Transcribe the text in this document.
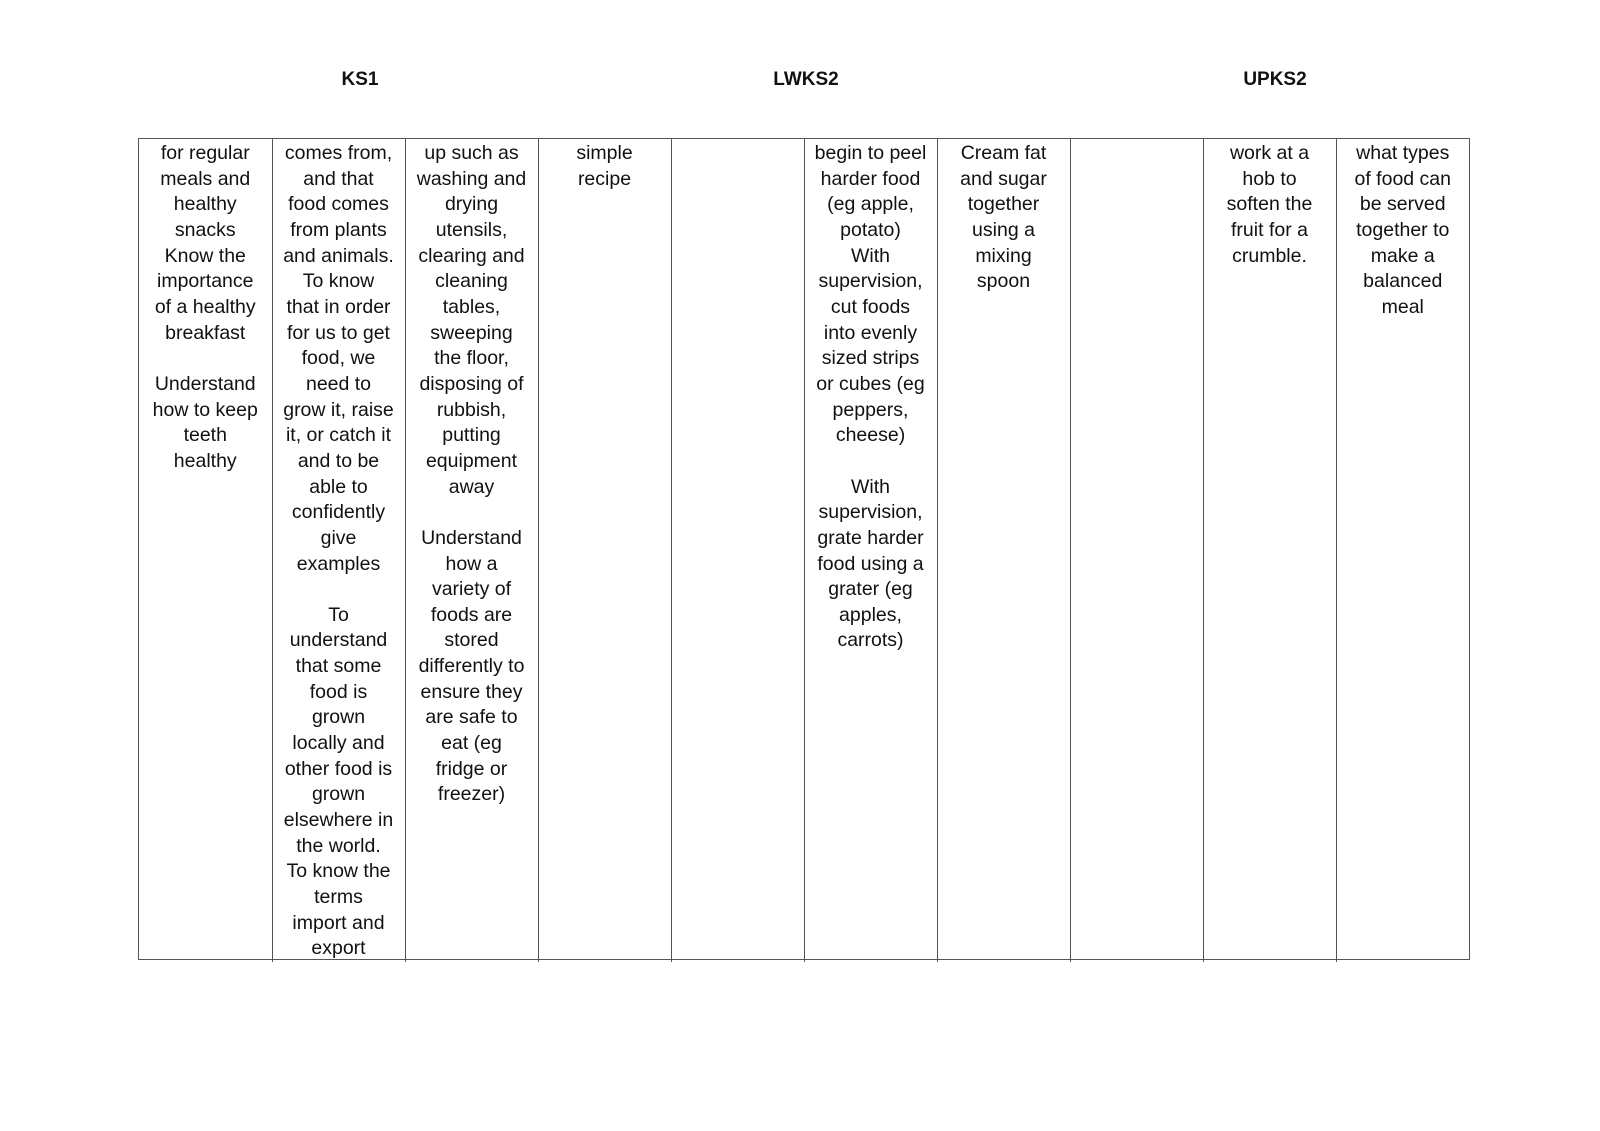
KS1	LWKS2	UPKS2
for regular
meals and
healthy
snacks
Know the
importance
of a healthy
breakfast

Understand
how to keep
teeth
healthy	comes from,
and that
food comes
from plants
and animals.
To know
that in order
for us to get
food, we
need to
grow it, raise
it, or catch it
and to be
able to
confidently
give
examples

To
understand
that some
food is
grown
locally and
other food is
grown
elsewhere in
the world.
To know the
terms
import and
export	up such as
washing and
drying
utensils,
clearing and
cleaning
tables,
sweeping
the floor,
disposing of
rubbish,
putting
equipment
away

Understand
how a
variety of
foods are
stored
differently to
ensure they
are safe to
eat (eg
fridge or
freezer)	simple
recipe		begin to peel
harder food
(eg apple,
potato)
With
supervision,
cut foods
into evenly
sized strips
or cubes (eg
peppers,
cheese)

With
supervision,
grate harder
food using a
grater (eg
apples,
carrots)	Cream fat
and sugar
together
using a
mixing
spoon		work at a
hob to
soften the
fruit for a
crumble.	what types
of food can
be served
together to
make a
balanced
meal
